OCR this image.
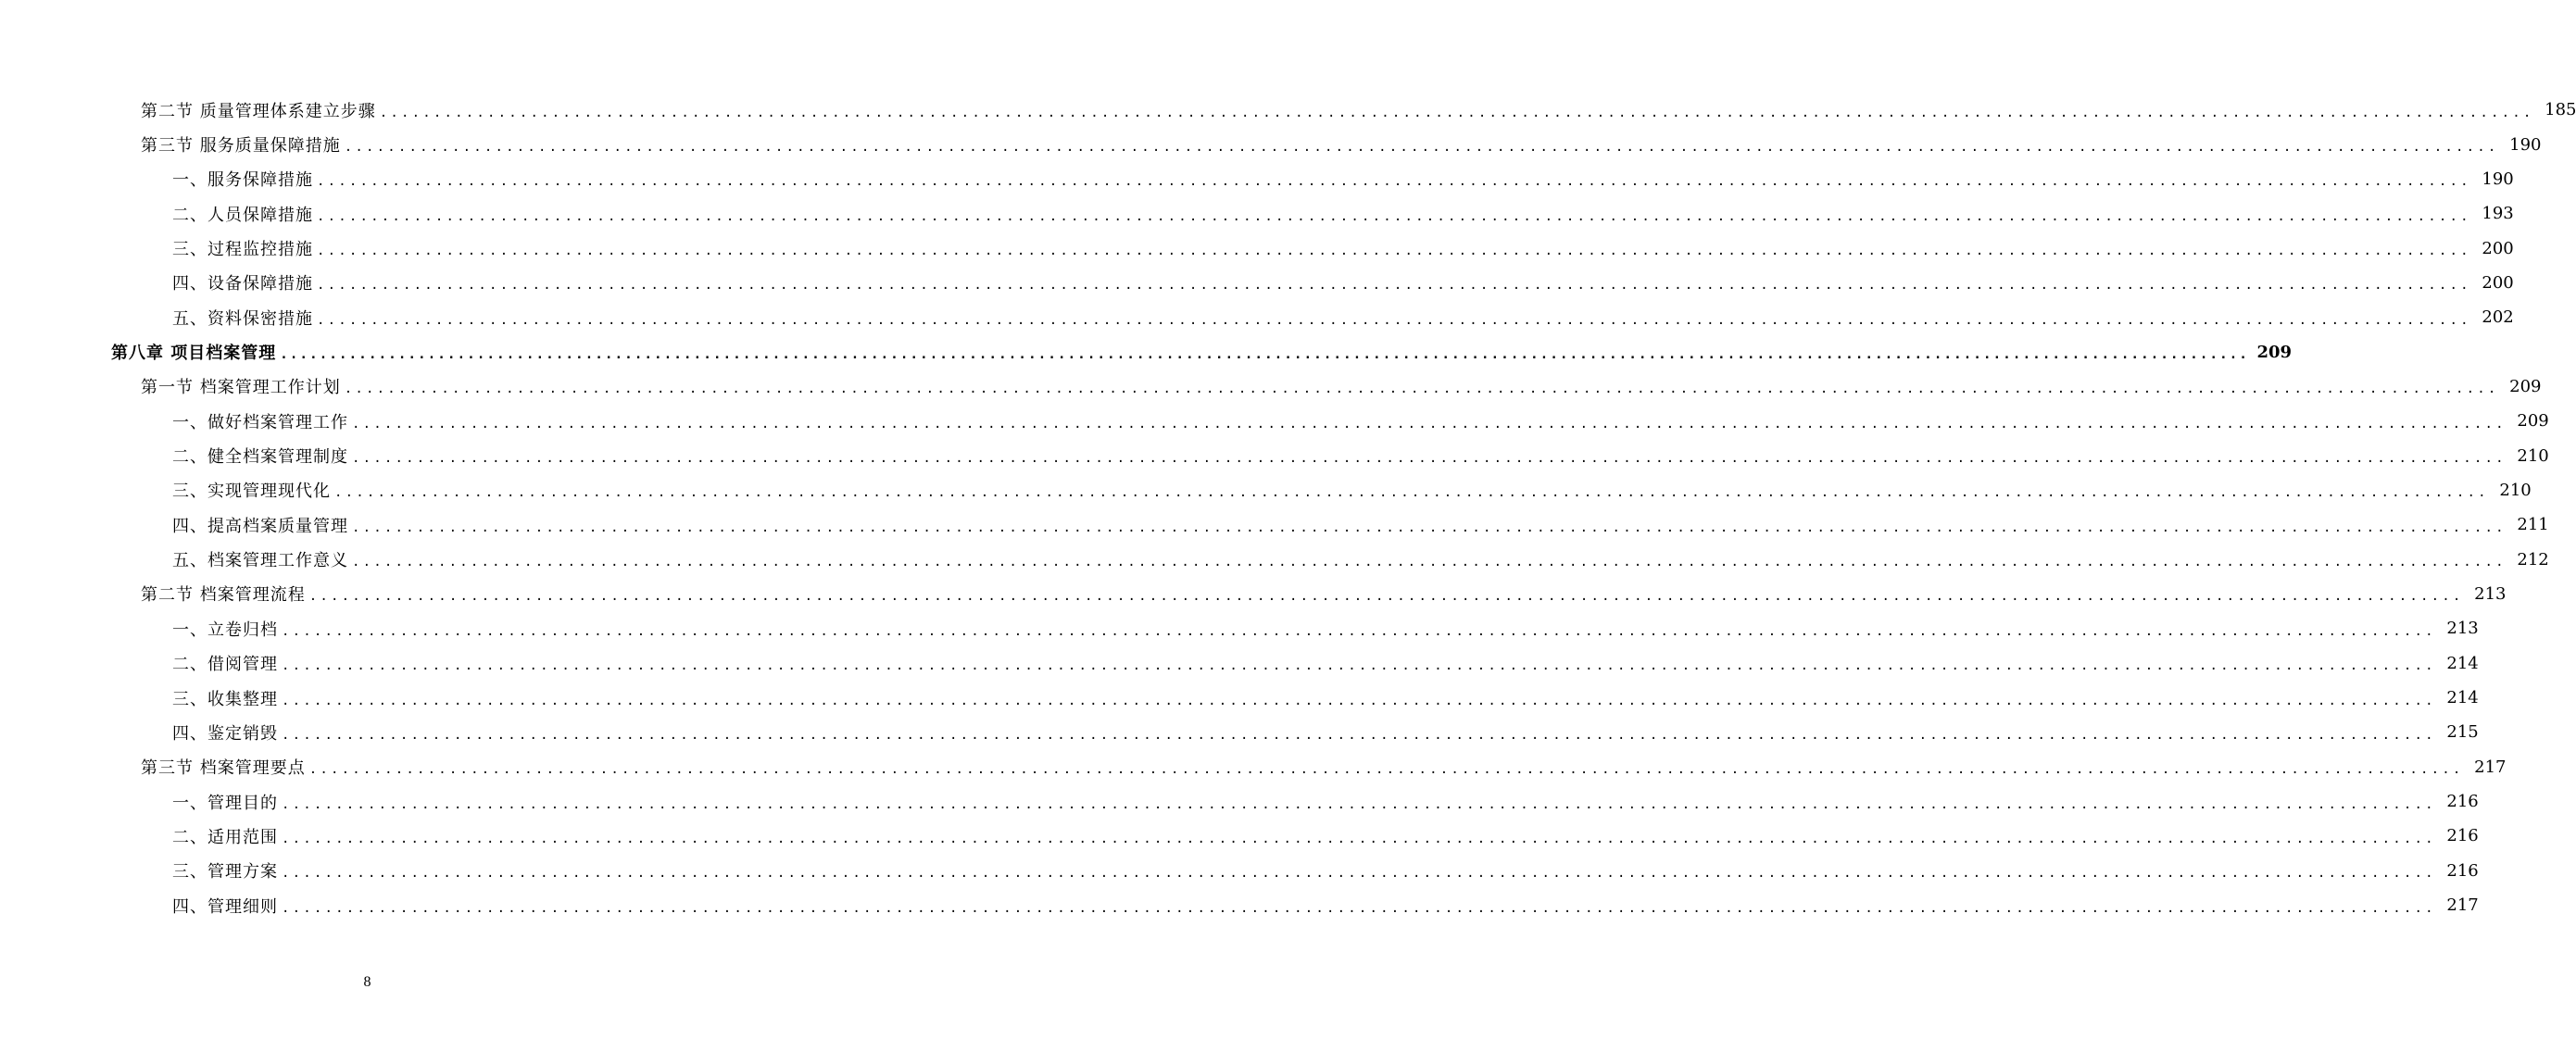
第二节 质量管理体系建立步骤 ........................................................................................................................................................................................................ 185
第三节 服务质量保障措施 ........................................................................................................................................................................................................ 190
一、服务保障措施 ........................................................................................................................................................................................................ 190
二、人员保障措施 ........................................................................................................................................................................................................ 193
三、过程监控措施 ........................................................................................................................................................................................................ 200
四、设备保障措施 ........................................................................................................................................................................................................ 200
五、资料保密措施 ........................................................................................................................................................................................................ 202
第八章 项目档案管理 ........................................................................................................................................................................................................ 209
第一节 档案管理工作计划 ........................................................................................................................................................................................................ 209
一、做好档案管理工作 ........................................................................................................................................................................................................ 209
二、健全档案管理制度 ........................................................................................................................................................................................................ 210
三、实现管理现代化 ........................................................................................................................................................................................................ 210
四、提高档案质量管理 ........................................................................................................................................................................................................ 211
五、档案管理工作意义 ........................................................................................................................................................................................................ 212
第二节 档案管理流程 ........................................................................................................................................................................................................ 213
一、立卷归档 ........................................................................................................................................................................................................ 213
二、借阅管理 ........................................................................................................................................................................................................ 214
三、收集整理 ........................................................................................................................................................................................................ 214
四、鉴定销毁 ........................................................................................................................................................................................................ 215
第三节 档案管理要点 ........................................................................................................................................................................................................ 217
一、管理目的 ........................................................................................................................................................................................................ 216
二、适用范围 ........................................................................................................................................................................................................ 216
三、管理方案 ........................................................................................................................................................................................................ 216
四、管理细则 ........................................................................................................................................................................................................ 217
8
